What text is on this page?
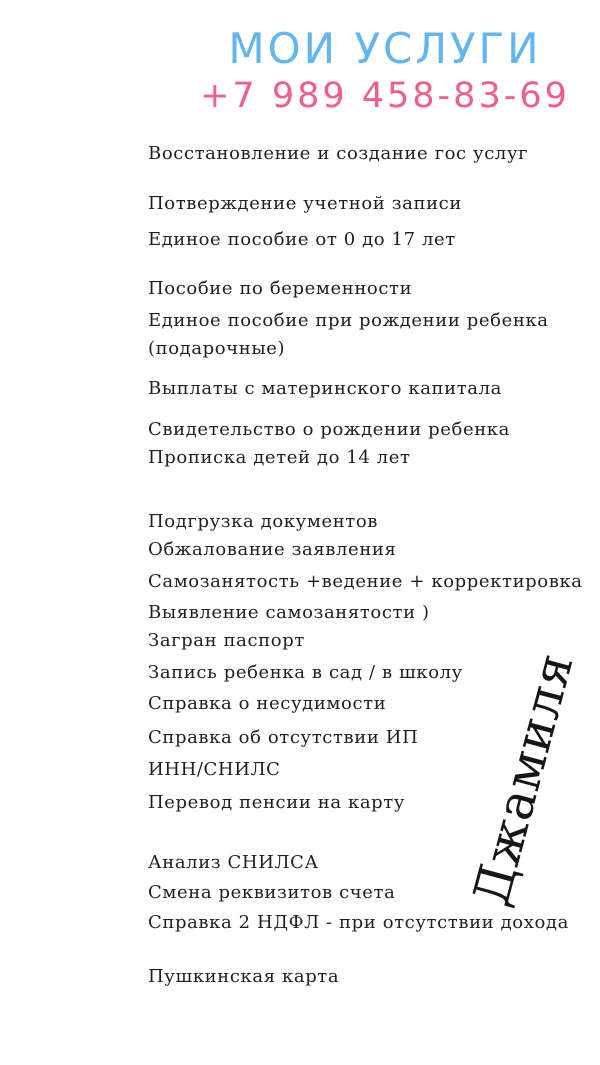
МОИ УСЛУГИ
+7 989 458-83-69
Восстановление и создание гос услуг
Потверждение учетной записи
Единое пособие от 0 до 17 лет
Пособие по беременности
Единое пособие при рождении ребенка
(подарочные)
Выплаты с материнского капитала
Свидетельство о рождении ребенка
Прописка детей до 14 лет
Подгрузка документов
Обжалование заявления
Самозанятость +ведение + корректировка
Выявление самозанятости )
Загран паспорт
Запись ребенка в сад / в школу
Справка о несудимости
Справка об отсутствии ИП
ИНН/СНИЛС
Перевод пенсии на карту
Анализ СНИЛСА
Смена реквизитов счета
Справка 2 НДФЛ - при отсутствии дохода
Пушкинская карта
Джамиля
